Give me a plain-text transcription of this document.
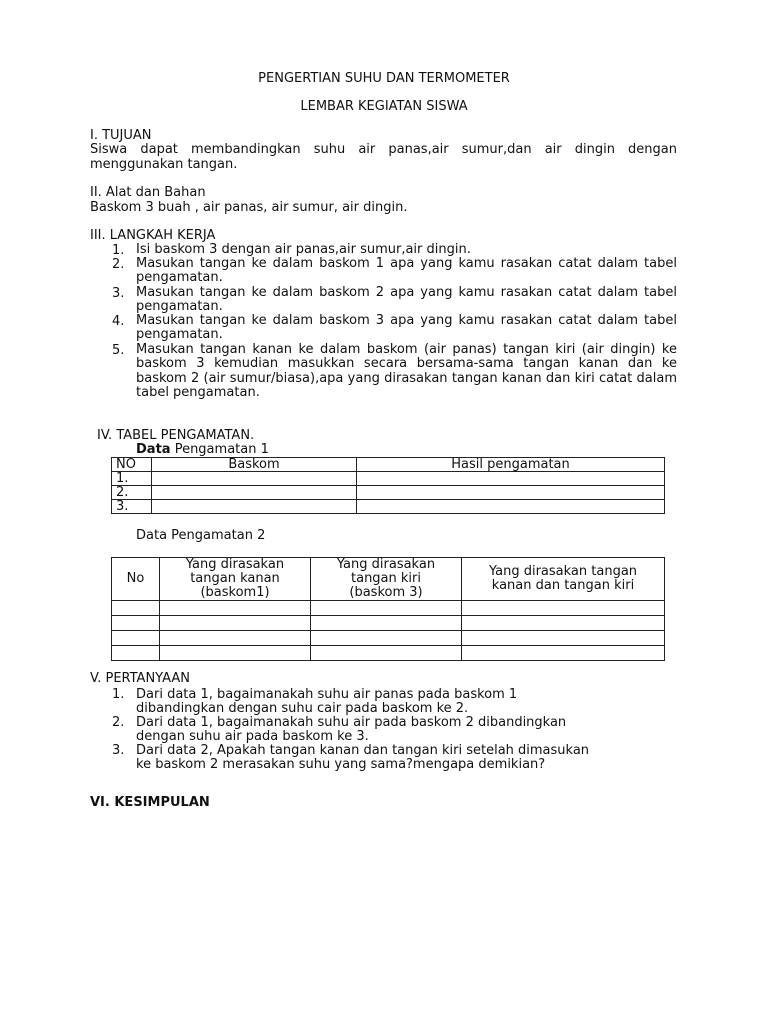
PENGERTIAN SUHU DAN TERMOMETER
LEMBAR KEGIATAN SISWA
I. TUJUAN
Siswa dapat membandingkan suhu air panas,air sumur,dan air dingin dengan menggunakan tangan.
II. Alat dan Bahan
Baskom 3 buah , air panas, air sumur, air dingin.
III. LANGKAH KERJA
1. Isi baskom 3 dengan air panas,air sumur,air dingin.
2. Masukan tangan ke dalam baskom 1 apa yang kamu rasakan catat dalam tabel pengamatan.
3. Masukan tangan ke dalam baskom 2 apa yang kamu rasakan catat dalam tabel pengamatan.
4. Masukan tangan ke dalam baskom 3 apa yang kamu rasakan catat dalam tabel pengamatan.
5. Masukan tangan kanan ke dalam baskom (air panas) tangan kiri (air dingin) ke baskom 3 kemudian masukkan secara bersama-sama tangan kanan dan ke baskom 2 (air sumur/biasa),apa yang dirasakan tangan kanan dan kiri catat dalam tabel pengamatan.
IV. TABEL PENGAMATAN.
Data Pengamatan 1
NO	Baskom	Hasil pengamatan
1.		
2.		
3.		
Data Pengamatan 2
No	Yang dirasakan tangan kanan (baskom1)	Yang dirasakan tangan kiri (baskom 3)	Yang dirasakan tangan kanan dan tangan kiri

V. PERTANYAAN
1. Dari data 1, bagaimanakah suhu air panas pada baskom 1
dibandingkan dengan suhu cair pada baskom ke 2.
2. Dari data 1, bagaimanakah suhu air pada baskom 2 dibandingkan
dengan suhu air pada baskom ke 3.
3. Dari data 2, Apakah tangan kanan dan tangan kiri setelah dimasukan
ke baskom 2 merasakan suhu yang sama?mengapa demikian?
VI. KESIMPULAN
